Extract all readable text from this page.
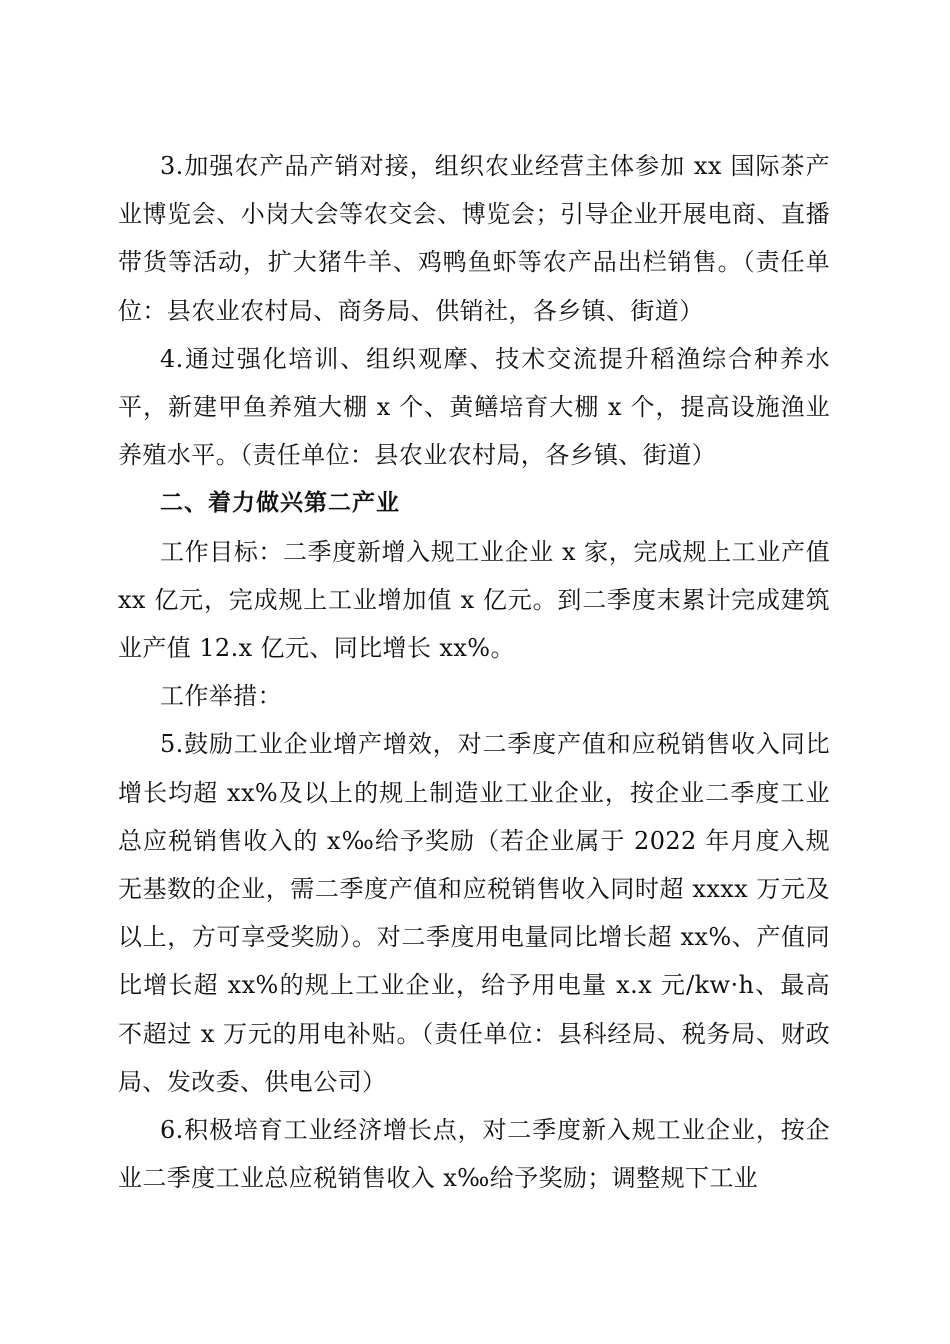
3.加强农产品产销对接，组织农业经营主体参加 xx 国际茶产业博览会、小岗大会等农交会、博览会；引导企业开展电商、直播带货等活动，扩大猪牛羊、鸡鸭鱼虾等农产品出栏销售。（责任单位：县农业农村局、商务局、供销社，各乡镇、街道）

4.通过强化培训、组织观摩、技术交流提升稻渔综合种养水平，新建甲鱼养殖大棚 x 个、黄鳝培育大棚 x 个，提高设施渔业养殖水平。（责任单位：县农业农村局，各乡镇、街道）

二、着力做兴第二产业

工作目标：二季度新增入规工业企业 x 家，完成规上工业产值 xx 亿元，完成规上工业增加值 x 亿元。到二季度末累计完成建筑业产值 12.x 亿元、同比增长 xx%。

工作举措：

5.鼓励工业企业增产增效，对二季度产值和应税销售收入同比增长均超 xx%及以上的规上制造业工业企业，按企业二季度工业总应税销售收入的 x‰给予奖励（若企业属于 2022 年月度入规无基数的企业，需二季度产值和应税销售收入同时超 xxxx 万元及以上，方可享受奖励）。对二季度用电量同比增长超 xx%、产值同比增长超 xx%的规上工业企业，给予用电量 x.x 元/kw·h、最高不超过 x 万元的用电补贴。（责任单位：县科经局、税务局、财政局、发改委、供电公司）

6.积极培育工业经济增长点，对二季度新入规工业企业，按企业二季度工业总应税销售收入 x‰给予奖励；调整规下工业
